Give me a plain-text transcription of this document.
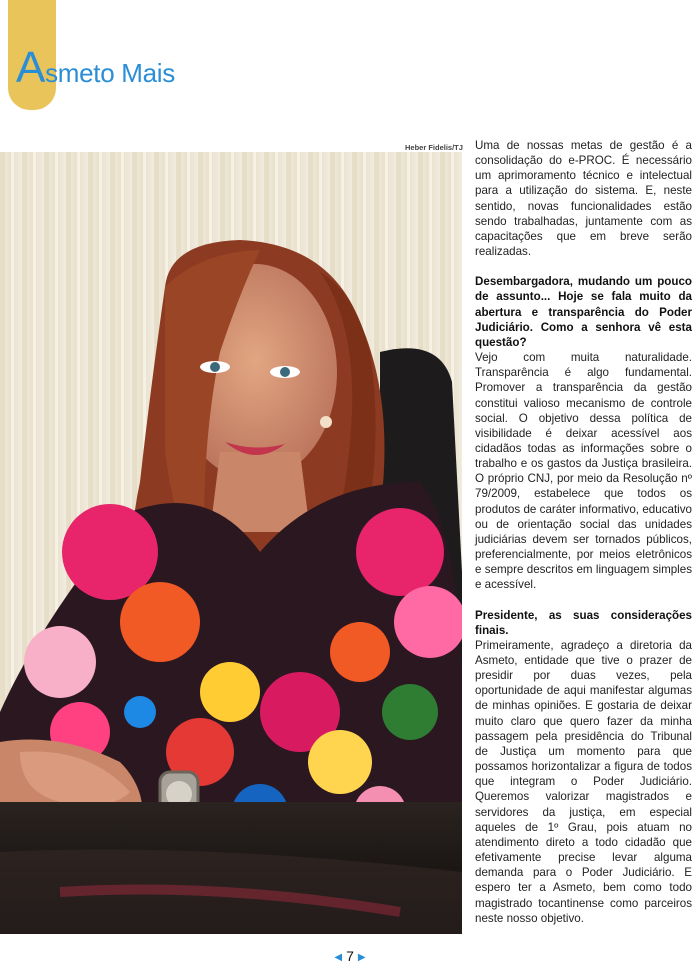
Asmeto Mais
Heber Fidelis/TJ Uma de nossas metas de gestão é a consolidação do e-PROC. É necessário um aprimoramento técnico e intelectual para a utilização do sistema. E, neste sentido, novas funcionalidades estão sendo trabalhadas, juntamente com as capacitações que em breve serão realizadas.

Desembargadora, mudando um pouco de assunto... Hoje se fala muito da abertura e transparência do Poder Judiciário. Como a senhora vê esta questão?

Vejo com muita naturalidade. Transparência é algo fundamental. Promover a transparência da gestão constitui valioso mecanismo de controle social. O objetivo dessa política de visibilidade é deixar acessível aos cidadãos todas as informações sobre o trabalho e os gastos da Justiça brasileira. O próprio CNJ, por meio da Resolução nº 79/2009, estabelece que todos os produtos de caráter informativo, educativo ou de orientação social das unidades judiciárias devem ser tornados públicos, preferencialmente, por meios eletrônicos e sempre descritos em linguagem simples e acessível.

Presidente, as suas considerações finais.

Primeiramente, agradeço a diretoria da Asmeto, entidade que tive o prazer de presidir por duas vezes, pela oportunidade de aqui manifestar algumas de minhas opiniões. E gostaria de deixar muito claro que quero fazer da minha passagem pela presidência do Tribunal de Justiça um momento para que possamos horizontalizar a figura de todos que integram o Poder Judiciário. Queremos valorizar magistrados e servidores da justiça, em especial aqueles de 1º Grau, pois atuam no atendimento direto a todo cidadão que efetivamente precise levar alguma demanda para o Poder Judiciário. E espero ter a Asmeto, bem como todo magistrado tocantinense como parceiros neste nosso objetivo.

◀ 7 ▶
